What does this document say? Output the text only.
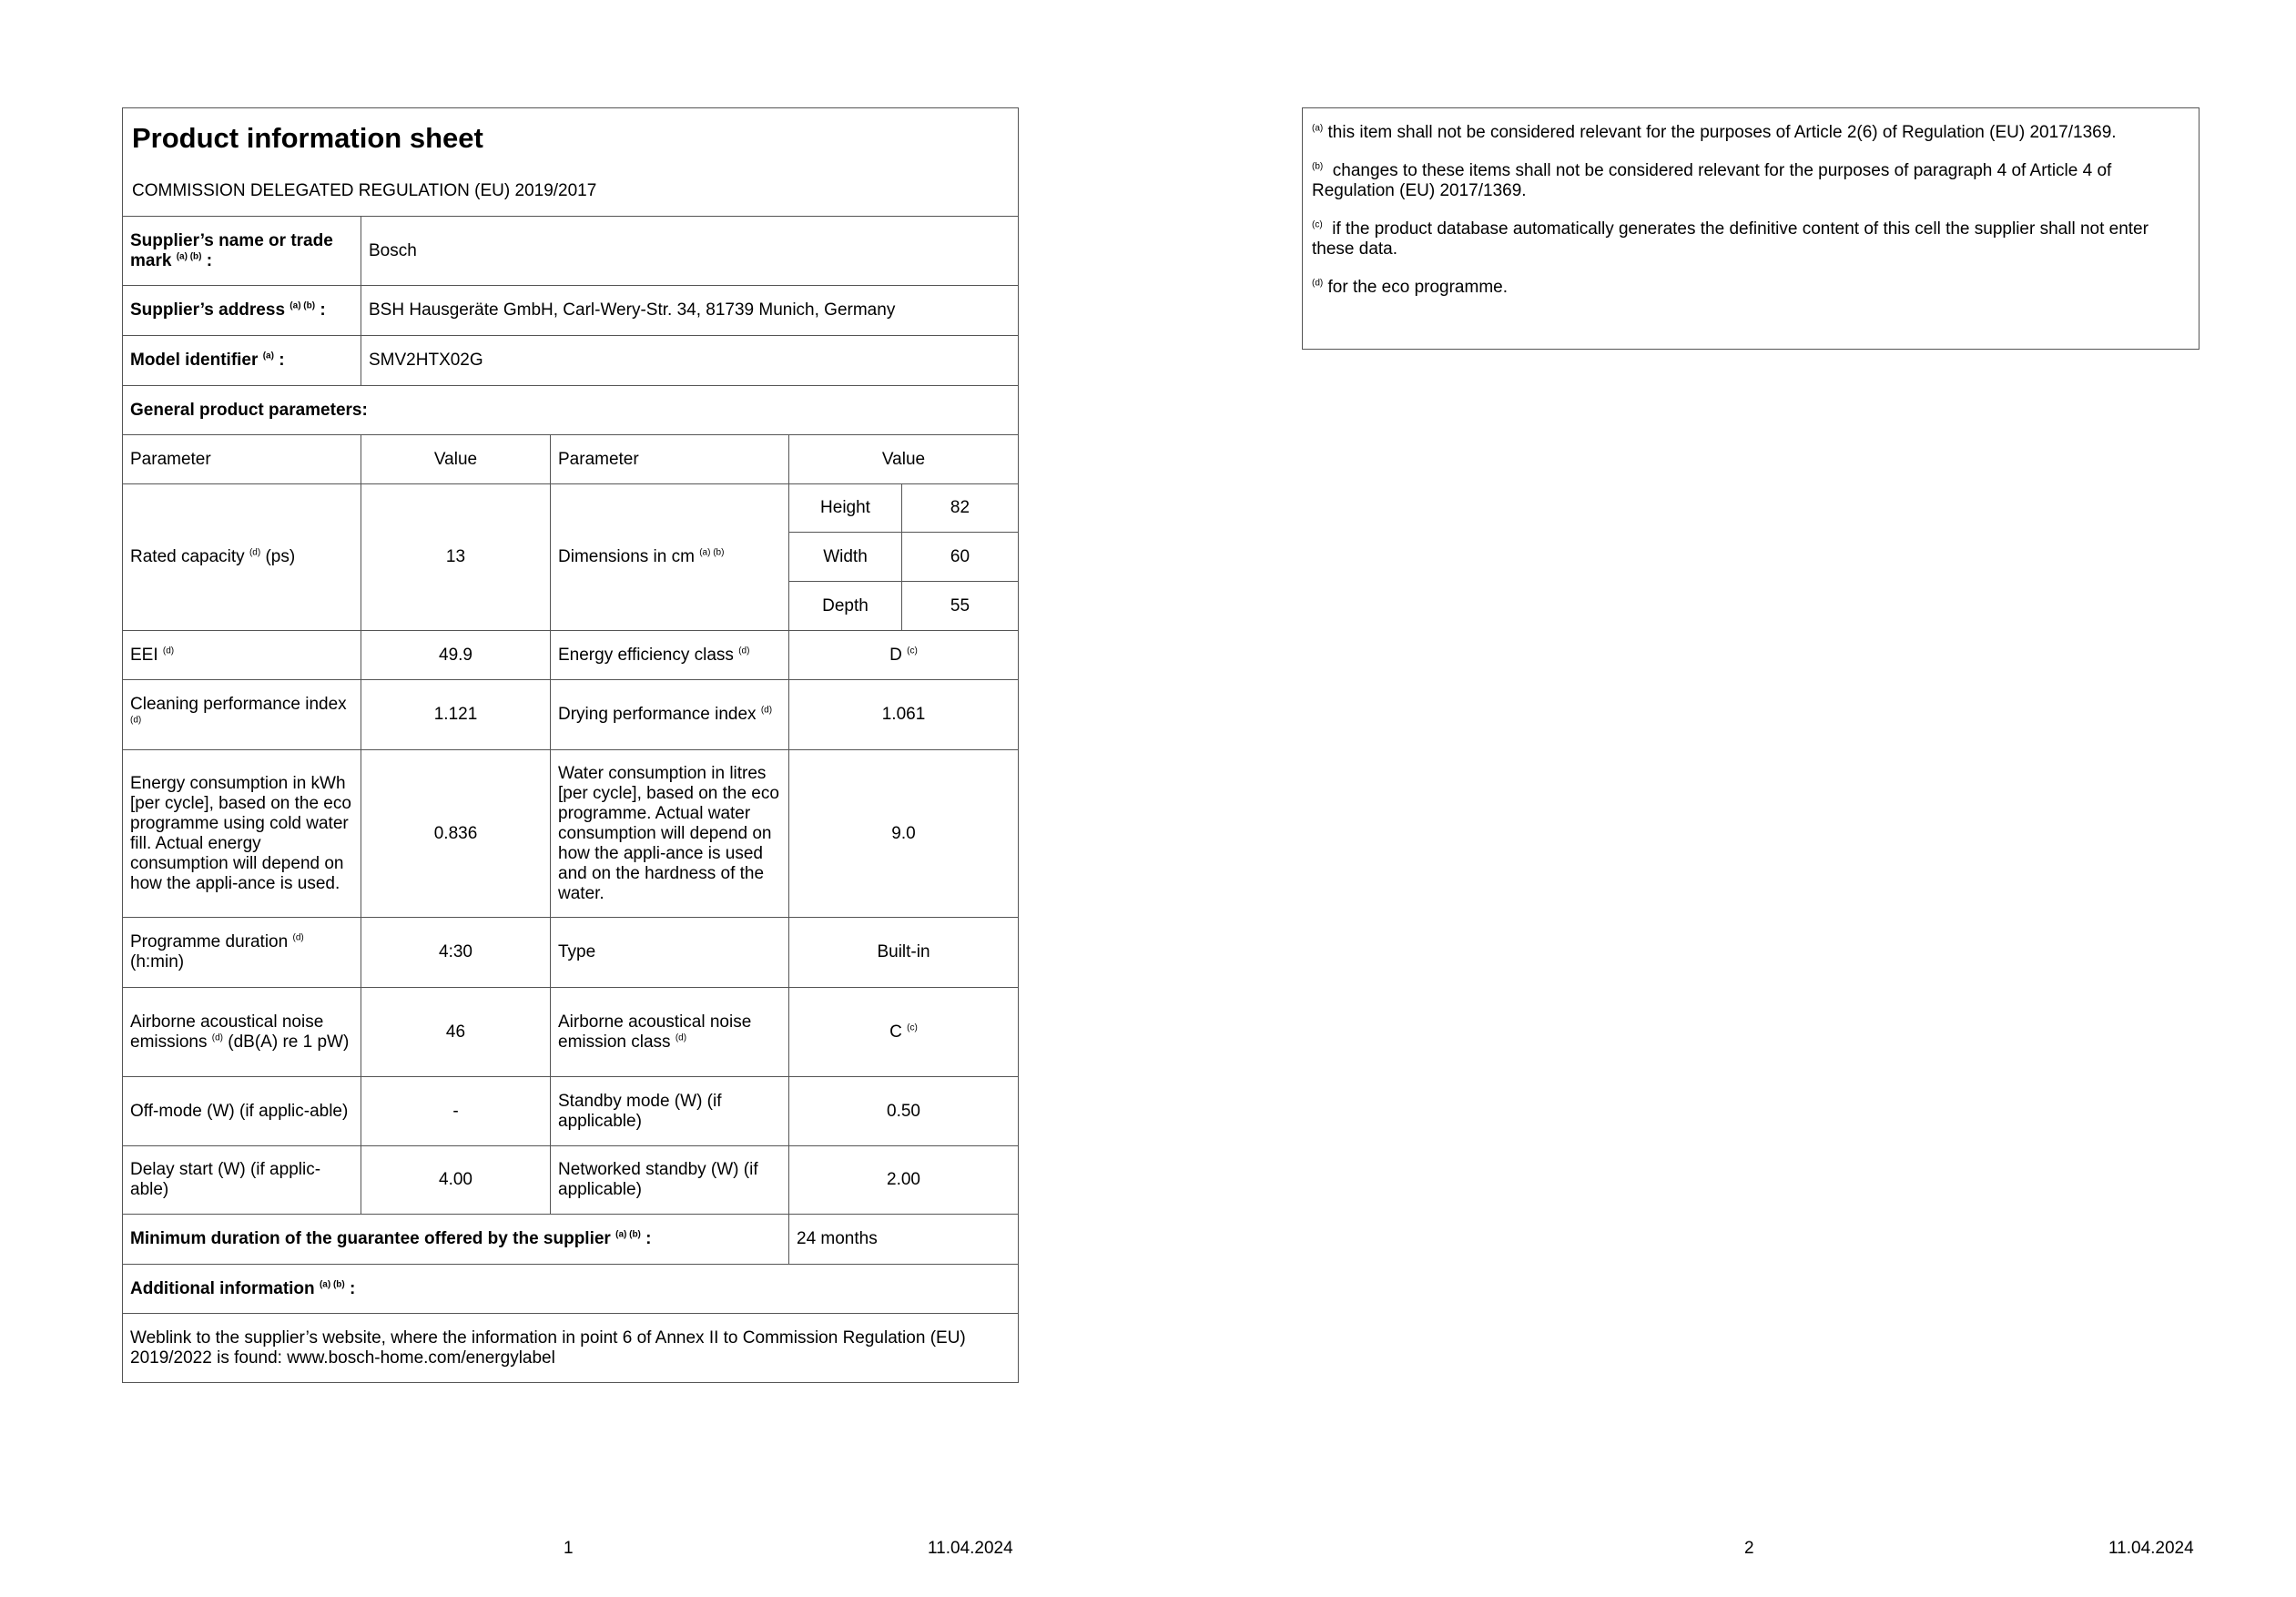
Product information sheet
COMMISSION DELEGATED REGULATION (EU) 2019/2017				

Supplier’s name or trade mark $^{(a) (b)}$ :	Bosch			
Supplier’s address $^{(a) (b)}$ :	BSH Hausgeräte GmbH, Carl-Wery-Str. 34, 81739 Munich, Germany			
Model identifier $^{(a)}$ :	SMV2HTX02G			
General product parameters:				
Parameter	Value	Parameter	Value	
Rated capacity $^{(d)}$ (ps)	13	Dimensions in cm $^{(a) (b)}$	Height	82
			Width	60
			Depth	55
EEI $^{(d)}$	49.9	Energy efficiency class $^{(d)}$	D $^{(c)}$
Cleaning performance index $^{(d)}$	1.121	Drying performance index $^{(d)}$	1.061	
Energy consumption in kWh [per cycle], based on the eco programme using cold water fill. Actual energy consumption will depend on how the appli-ance is used.	0.836	Water consumption in litres [per cycle], based on the eco programme. Actual water consumption will depend on how the appli-ance is used and on the hardness of the water.	9.0	
Programme duration $^{(d)}$ (h:min)	4:30	Type	Built-in	
Airborne acoustical noise emissions $^{(d)}$ (dB(A) re 1 pW)	46	Airborne acoustical noise emission class $^{(d)}$	C $^{(c)}$
Off-mode (W) (if applic-able)	-	Standby mode (W) (if applicable)	0.50	
Delay start (W) (if applic-able)	4.00	Networked standby (W) (if applicable)	2.00	
Minimum duration of the guarantee offered by the supplier $^{(a) (b)}$ :			24 months	
Additional information $^{(a) (b)}$ :				
Weblink to the supplier’s website, where the information in point 6 of Annex II to Commission Regulation (EU) 2019/2022 is found: www.bosch-home.com/energylabel				

$^{(a)}$ this item shall not be considered relevant for the purposes of Article 2(6) of Regulation (EU) 2017/1369.

$^{(b)}$ changes to these items shall not be considered relevant for the purposes of paragraph 4 of Article 4 of Regulation (EU) 2017/1369.

$^{(c)}$ if the product database automatically generates the definitive content of this cell the supplier shall not enter these data.

$^{(d)}$ for the eco programme.

1	11.04.2024	2	11.04.2024
